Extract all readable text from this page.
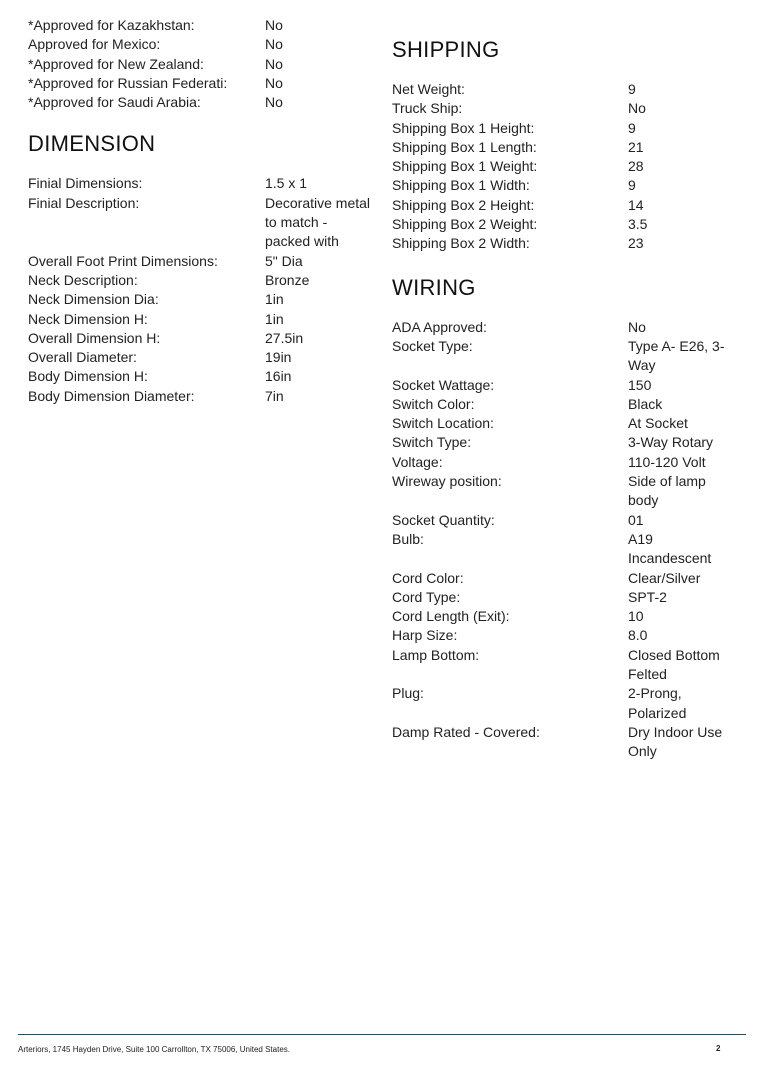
*Approved for Kazakhstan:	No
Approved for Mexico:	No
*Approved for New Zealand:	No
*Approved for Russian Federati:	No
*Approved for Saudi Arabia:	No
DIMENSION
Finial Dimensions:	1.5 x 1
Finial Description:	Decorative metal to match - packed with
Overall Foot Print Dimensions:	5" Dia
Neck Description:	Bronze
Neck Dimension Dia:	1in
Neck Dimension H:	1in
Overall Dimension H:	27.5in
Overall Diameter:	19in
Body Dimension H:	16in
Body Dimension Diameter:	7in
SHIPPING
Net Weight:	9
Truck Ship:	No
Shipping Box 1 Height:	9
Shipping Box 1 Length:	21
Shipping Box 1 Weight:	28
Shipping Box 1 Width:	9
Shipping Box 2 Height:	14
Shipping Box 2 Weight:	3.5
Shipping Box 2 Width:	23
WIRING
ADA Approved:	No
Socket Type:	Type A- E26, 3-Way
Socket Wattage:	150
Switch Color:	Black
Switch Location:	At Socket
Switch Type:	3-Way Rotary
Voltage:	110-120 Volt
Wireway position:	Side of lamp body
Socket Quantity:	01
Bulb:	A19 Incandescent
Cord Color:	Clear/Silver
Cord Type:	SPT-2
Cord Length (Exit):	10
Harp Size:	8.0
Lamp Bottom:	Closed Bottom Felted
Plug:	2-Prong, Polarized
Damp Rated - Covered:	Dry Indoor Use Only
Arteriors, 1745 Hayden Drive, Suite 100 Carrollton, TX 75006, United States.	2
